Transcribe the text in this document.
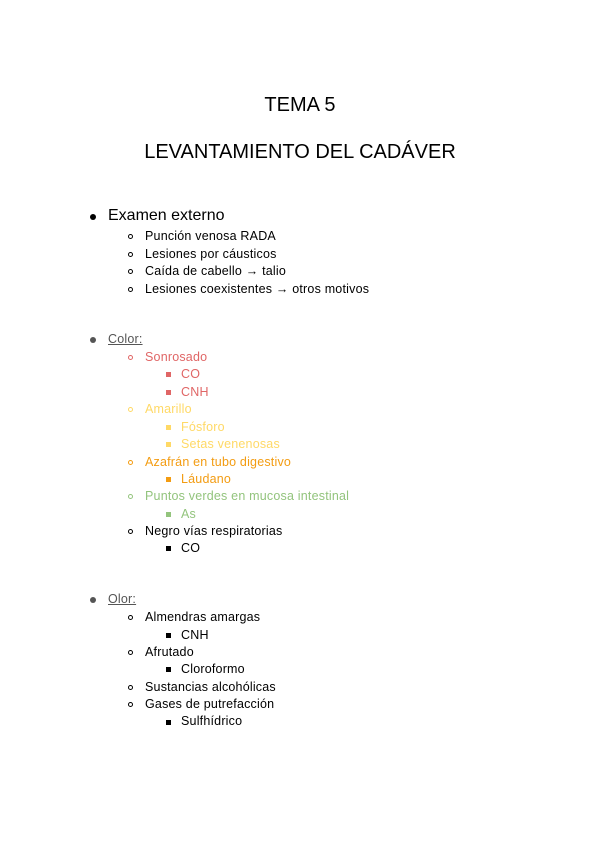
TEMA 5
LEVANTAMIENTO DEL CADÁVER
Examen externo
Punción venosa RADA
Lesiones por cáusticos
Caída de cabello → talio
Lesiones coexistentes → otros motivos
Color:
Sonrosado
CO
CNH
Amarillo
Fósforo
Setas venenosas
Azafrán en tubo digestivo
Láudano
Puntos verdes en mucosa intestinal
As
Negro vías respiratorias
CO
Olor:
Almendras amargas
CNH
Afrutado
Cloroformo
Sustancias alcohólicas
Gases de putrefacción
Sulfhídrico
